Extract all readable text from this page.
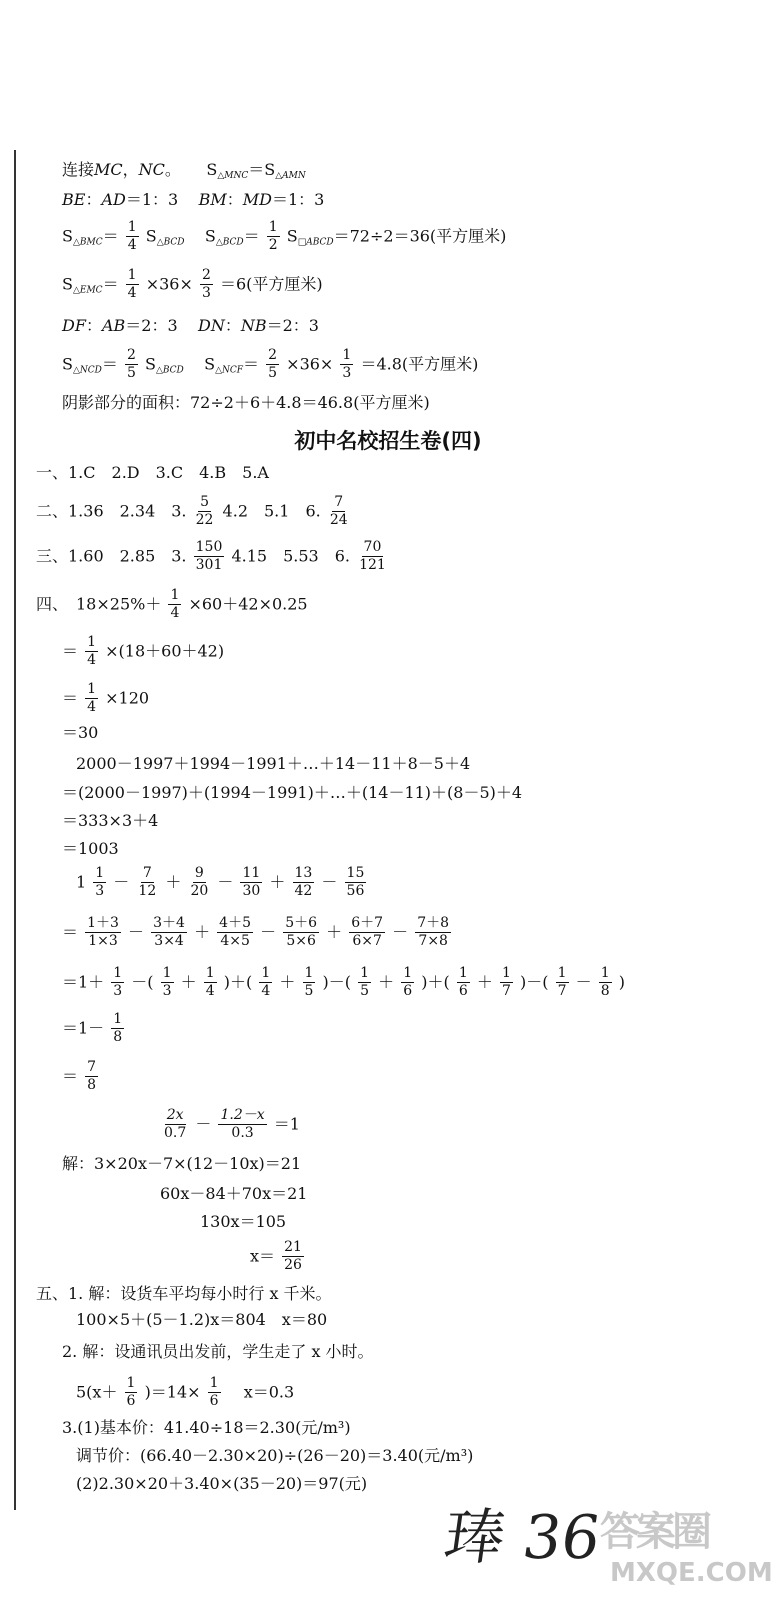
连接MC，NC。 $S_{\triangle MNC}=S_{\triangle AMN}$
BE：AD＝1：3 BM：MD＝1：3
$S_{\triangle BMC}= \frac{1}{4} S_{\triangle BCD}$ $S_{\triangle BCD}= \frac{1}{2} S_{□ABCD}=72\div 2=36$(平方厘米)
$S_{\triangle EMC}= \frac{1}{4} \times 36\times \frac{2}{3} =6$(平方厘米)
DF：AB＝2：3 DN：NB＝2：3
$S_{\triangle NCD}= \frac{2}{5} S_{\triangle BCD}$ $S_{\triangle NCF}= \frac{2}{5} \times 36\times \frac{1}{3} =4.8$(平方厘米)
阴影部分的面积：72÷2＋6＋4.8＝46.8(平方厘米)
初中名校招生卷(四)
一、1.C　2.D　3.C　4.B　5.A
二、1.36　2.34　3. $\frac{5}{22} 4.2$　5.1　6. $\frac{7}{24}$
三、1.60　2.85　3. $\frac{150}{301} 4.15$　5.53　6. $\frac{70}{121}$
四、　$18\times 25\%+ \frac{1}{4} \times 60+42\times 0.25$
＝ $\frac{1}{4} \times(18+60+42)$
＝ $\frac{1}{4} \times 120$
＝30
2000－1997＋1994－1991＋…＋14－11＋8－5＋4
＝(2000－1997)＋(1994－1991)＋…＋(14－11)＋(8－5)＋4
＝333×3＋4
＝1003
$1 \frac{1}{3} - \frac{7}{12} + \frac{9}{20} - \frac{11}{30} + \frac{13}{42} - \frac{15}{56}$
＝ $\frac{1+3}{1\times 3} - \frac{3+4}{3\times 4} + \frac{4+5}{4\times 5} - \frac{5+6}{5\times 6} + \frac{6+7}{6\times 7} - \frac{7+8}{7\times 8}$
$=1+ \frac{1}{3}$ －( $\frac{1}{3} + \frac{1}{4}$ )＋( $\frac{1}{4} + \frac{1}{5}$ )－( $\frac{1}{5} + \frac{1}{6}$ )＋( $\frac{1}{6} + \frac{1}{7}$ )－( $\frac{1}{7} - \frac{1}{8}$ )
$=1- \frac{1}{8}$
＝ $\frac{7}{8}$
$\frac{2x}{0.7} - \frac{1.2-x}{0.3} =1$
解：3×20x－7×(12－10x)＝21
60x－84＋70x＝21
130x＝105
$x= \frac{21}{26}$
五、1. 解：设货车平均每小时行 x 千米。
100×5＋(5－1.2)x＝804　x＝80
2. 解：设通讯员出发前，学生走了 x 小时。
$5(x+ \frac{1}{6} )=14\times \frac{1}{6}$ 　x＝0.3
3.(1)基本价：41.40÷18＝2.30(元/m³)
调节价：(66.40－2.30×20)÷(26－20)＝3.40(元/m³)
(2)2.30×20＋3.40×(35－20)＝97(元)
琫 36
答案圈
MXQE.COM
